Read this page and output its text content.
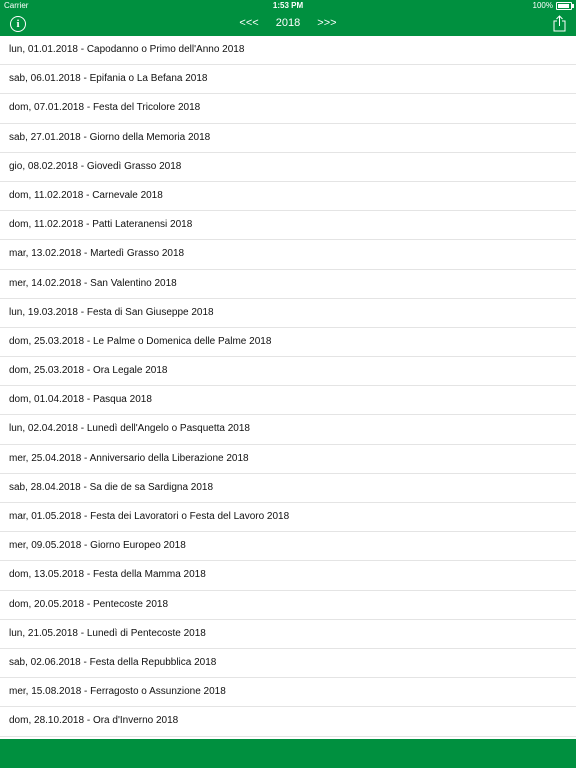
Carrier	1:53 PM	100%
i	<<< 2018 >>>
lun, 01.01.2018 - Capodanno o Primo dell'Anno 2018
sab, 06.01.2018 - Epifania o La Befana 2018
dom, 07.01.2018 - Festa del Tricolore 2018
sab, 27.01.2018 - Giorno della Memoria 2018
gio, 08.02.2018 - Giovedì Grasso 2018
dom, 11.02.2018 - Carnevale 2018
dom, 11.02.2018 - Patti Lateranensi 2018
mar, 13.02.2018 - Martedì Grasso 2018
mer, 14.02.2018 - San Valentino 2018
lun, 19.03.2018 - Festa di San Giuseppe 2018
dom, 25.03.2018 - Le Palme o Domenica delle Palme 2018
dom, 25.03.2018 - Ora Legale 2018
dom, 01.04.2018 - Pasqua 2018
lun, 02.04.2018 - Lunedì dell'Angelo o Pasquetta 2018
mer, 25.04.2018 - Anniversario della Liberazione 2018
sab, 28.04.2018 - Sa die de sa Sardigna 2018
mar, 01.05.2018 - Festa dei Lavoratori o Festa del Lavoro 2018
mer, 09.05.2018 - Giorno Europeo 2018
dom, 13.05.2018 - Festa della Mamma 2018
dom, 20.05.2018 - Pentecoste 2018
lun, 21.05.2018 - Lunedì di Pentecoste 2018
sab, 02.06.2018 - Festa della Repubblica 2018
mer, 15.08.2018 - Ferragosto o Assunzione 2018
dom, 28.10.2018 - Ora d'Inverno 2018
